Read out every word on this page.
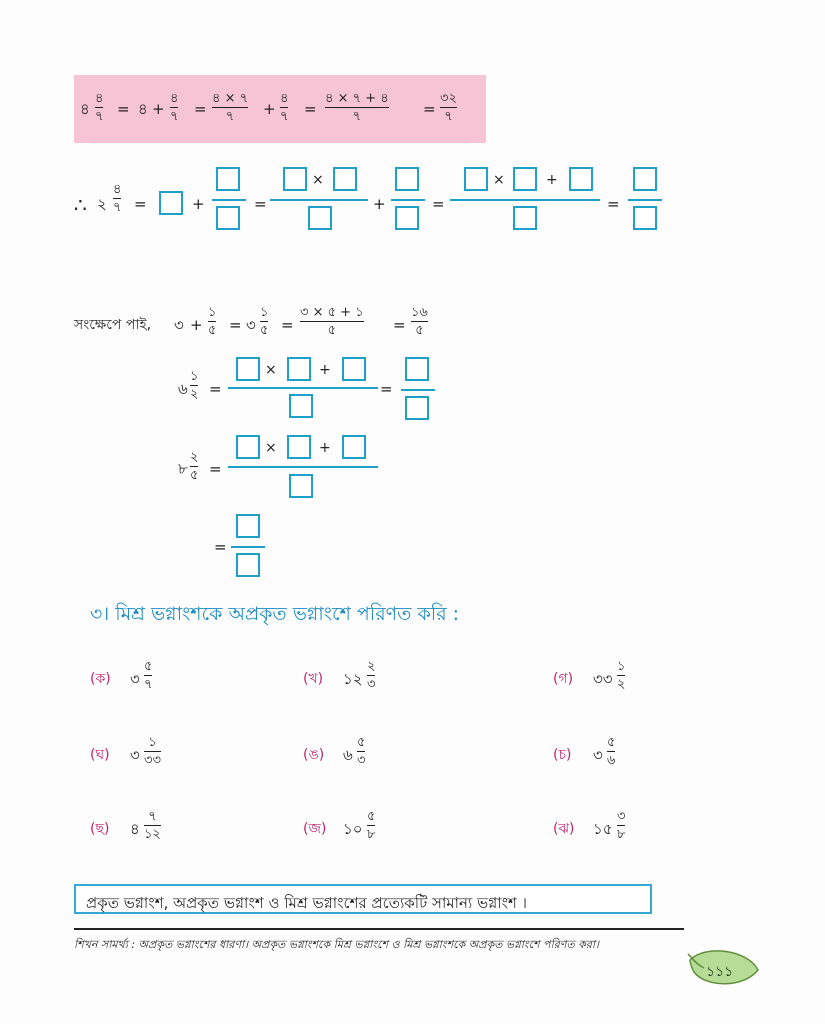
৪
৪
৭ = ৪ +
৪
৭ =
৪ × ৭
৭ +
৪
৭ =
৪ × ৭ + ৪
৭	=
৩২
৭
∴ ২
৪
৭ =	+	=
×
+	=
×	+
=
সংক্ষেপে পাই, ৩ +
১
৫ = ৩
১
৫ =
৩ × ৫ + ১
৫	=
১৬
৫
৬
১
২ =
×	+
=
৮
২
৫ =
×	+
=
৩। মিশ্র ভগ্নাংশকে অপ্রকৃত ভগ্নাংশে পরিণত করি :
(ক) ৩
৫
৭	(খ) ১২
২
৩	(গ) ৩৩
১
২
(ঘ) ৩
১
৩৩	(ঙ) ৬
৫
৩	(চ) ৩
৫
৬
(ছ) ৪
৭
১২	(জ) ১০
৫
৮	(ঝ) ১৫
৩
৮
প্রকৃত ভগ্নাংশ, অপ্রকৃত ভগ্নাংশ ও মিশ্র ভগ্নাংশের প্রত্যেকটি সামান্য ভগ্নাংশ ।
শিখন সামর্থ্য : অপ্রকৃত ভগ্নাংশের ধারণা। অপ্রকৃত ভগ্নাংশকে মিশ্র ভগ্নাংশে ও মিশ্র ভগ্নাংশকে অপ্রকৃত ভগ্নাংশে পরিণত করা।
১১১
